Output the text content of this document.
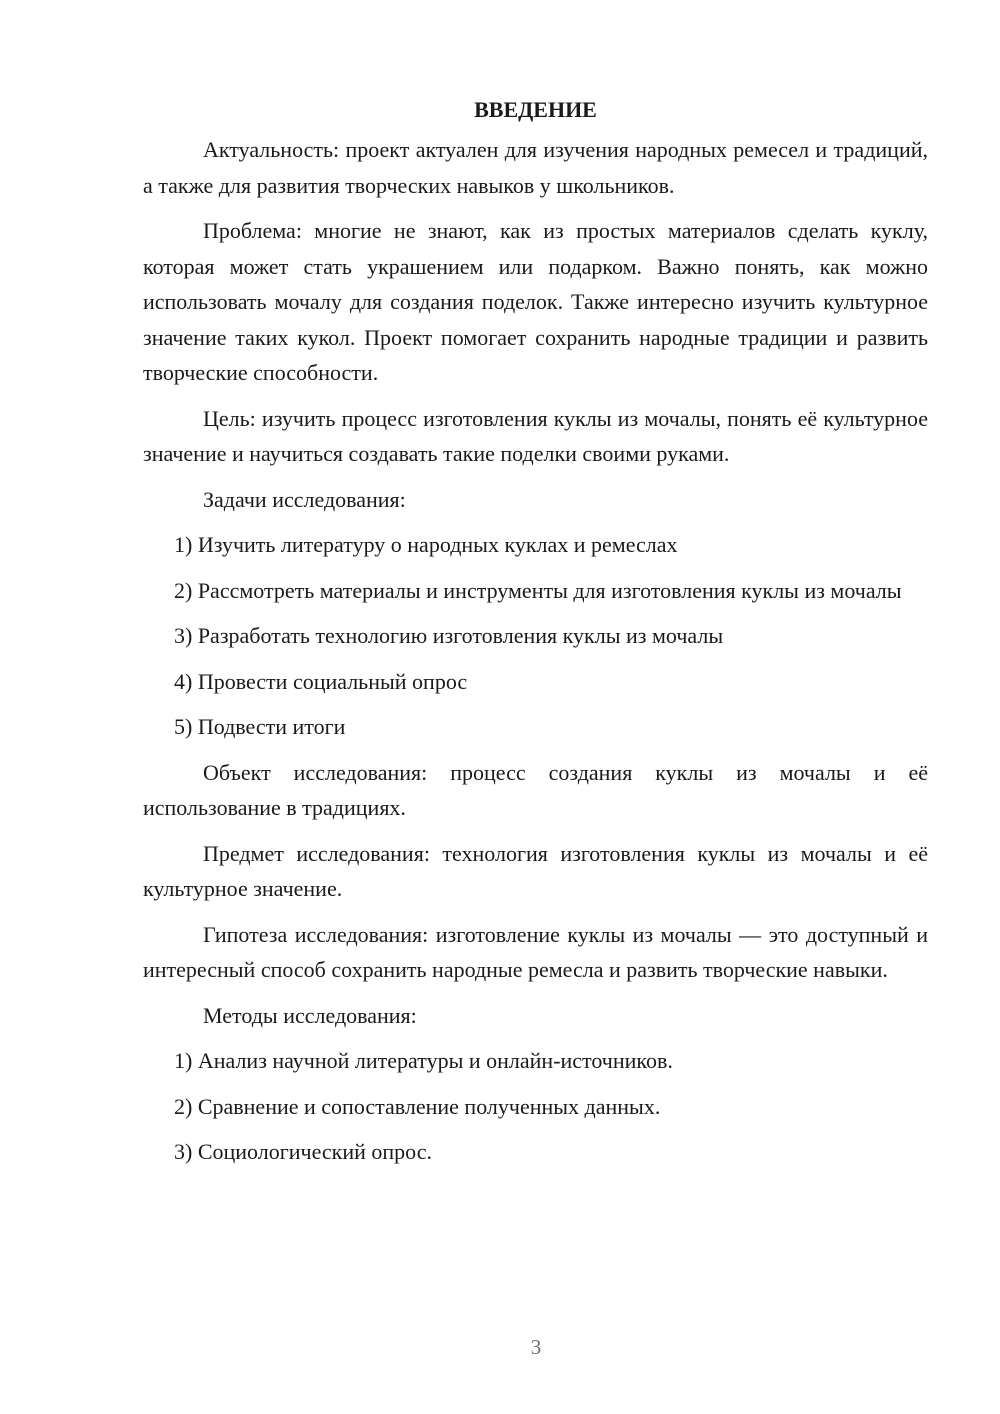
ВВЕДЕНИЕ

Актуальность: проект актуален для изучения народных ремесел и традиций, а также для развития творческих навыков у школьников.

Проблема: многие не знают, как из простых материалов сделать куклу, которая может стать украшением или подарком. Важно понять, как можно использовать мочалу для создания поделок. Также интересно изучить культурное значение таких кукол. Проект помогает сохранить народные традиции и развить творческие способности.

Цель: изучить процесс изготовления куклы из мочалы, понять её культурное значение и научиться создавать такие поделки своими руками.

Задачи исследования:

1) Изучить литературу о народных куклах и ремеслах

2) Рассмотреть материалы и инструменты для изготовления куклы из мочалы

3) Разработать технологию изготовления куклы из мочалы

4) Провести социальный опрос

5) Подвести итоги

Объект исследования: процесс создания куклы из мочалы и её использование в традициях.

Предмет исследования: технология изготовления куклы из мочалы и её культурное значение.

Гипотеза исследования: изготовление куклы из мочалы — это доступный и интересный способ сохранить народные ремесла и развить творческие навыки.

Методы исследования:

1) Анализ научной литературы и онлайн-источников.

2) Сравнение и сопоставление полученных данных.

3) Социологический опрос.

3
